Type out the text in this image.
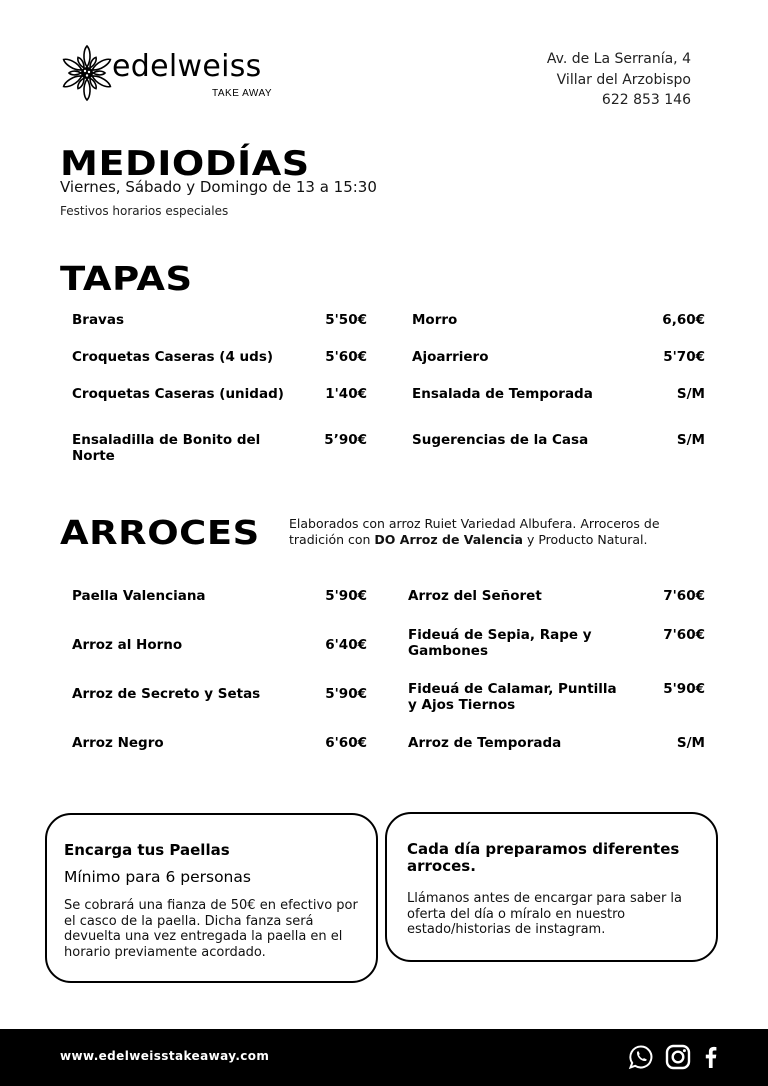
edelweiss
TAKE AWAY
Av. de La Serranía, 4
Villar del Arzobispo
622 853 146
MEDIODÍAS
Viernes, Sábado y Domingo de 13 a 15:30
Festivos horarios especiales
TAPAS
Bravas	5'50€
Croquetas Caseras (4 uds)	5'60€
Croquetas Caseras (unidad)	1'40€
Ensaladilla de Bonito del
Norte
5’90€
Morro	6,60€
Ajoarriero	5'70€
Ensalada de Temporada	S/M
Sugerencias de la Casa	S/M
ARROCES Elaborados con arroz Ruiet Variedad Albufera. Arroceros de tradición con DO Arroz de Valencia y Producto Natural.
Paella Valenciana	5'90€
Arroz al Horno	6'40€
Arroz de Secreto y Setas	5'90€
Arroz Negro	6'60€
Arroz del Señoret	7'60€
Fideuá de Sepia, Rape y
Gambones
7'60€
Fideuá de Calamar, Puntilla
y Ajos Tiernos
5'90€
Arroz de Temporada	S/M
Encarga tus Paellas
Mínimo para 6 personas
Se cobrará una fianza de 50€ en efectivo por el casco de la paella. Dicha fanza será devuelta una vez entregada la paella en el horario previamente acordado.
Cada día preparamos diferentes arroces.
Llámanos antes de encargar para saber la oferta del día o míralo en nuestro estado/historias de instagram.
www.edelweisstakeaway.com
